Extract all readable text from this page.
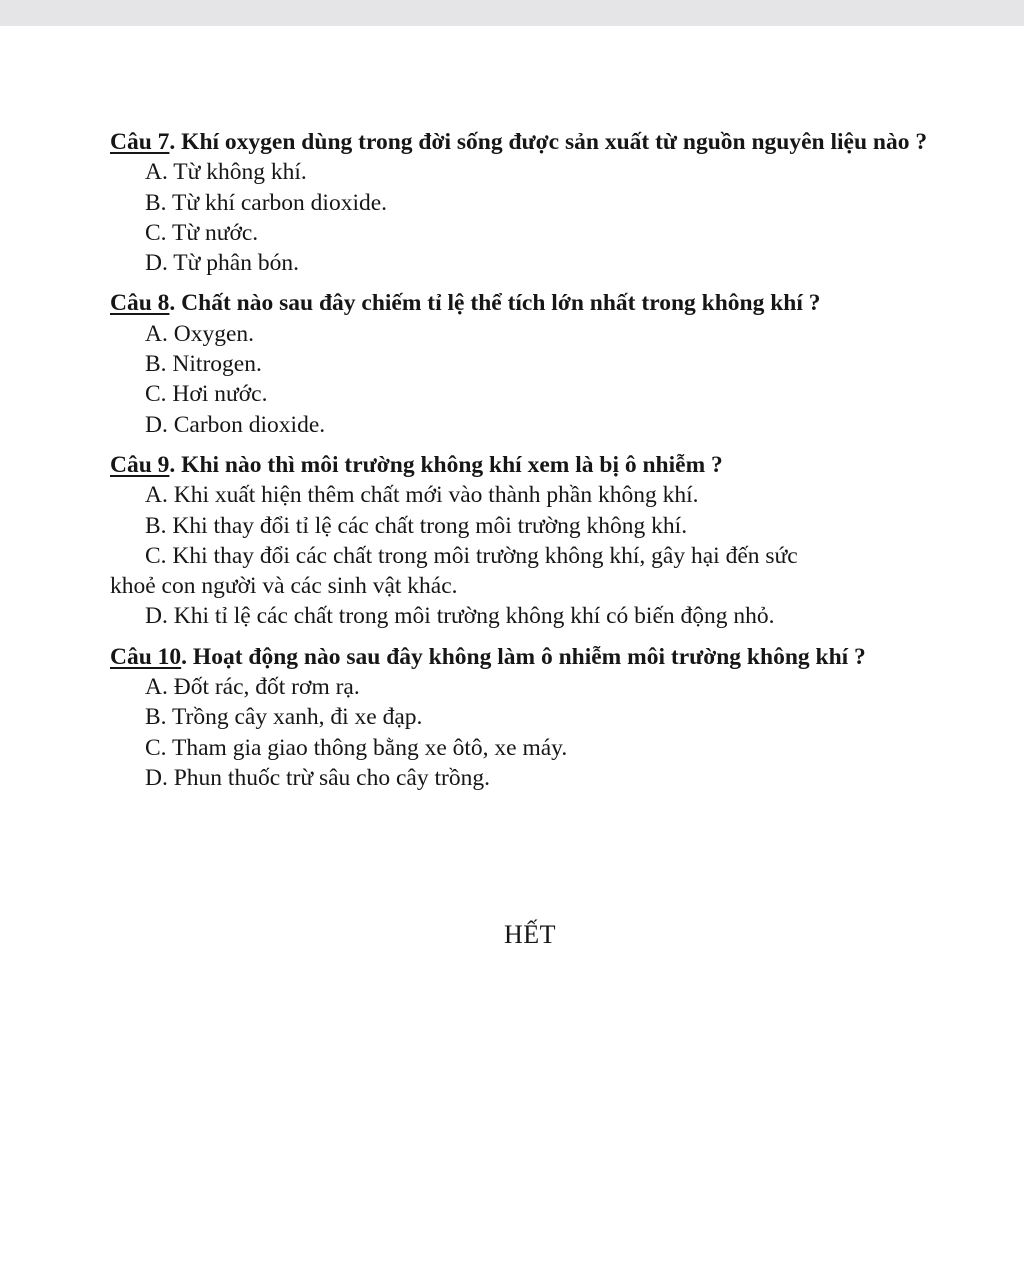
Câu 7. Khí oxygen dùng trong đời sống được sản xuất từ nguồn nguyên liệu nào ?
A. Từ không khí.
B. Từ khí carbon dioxide.
C. Từ nước.
D. Từ phân bón.
Câu 8. Chất nào sau đây chiếm tỉ lệ thể tích lớn nhất trong không khí ?
A. Oxygen.
B. Nitrogen.
C. Hơi nước.
D. Carbon dioxide.
Câu 9. Khi nào thì môi trường không khí xem là bị ô nhiễm ?
A. Khi xuất hiện thêm chất mới vào thành phần không khí.
B. Khi thay đổi tỉ lệ các chất trong môi trường không khí.
C. Khi thay đổi các chất trong môi trường không khí, gây hại đến sức
khoẻ con người và các sinh vật khác.
D. Khi tỉ lệ các chất trong môi trường không khí có biến động nhỏ.
Câu 10. Hoạt động nào sau đây không làm ô nhiễm môi trường không khí ?
A. Đốt rác, đốt rơm rạ.
B. Trồng cây xanh, đi xe đạp.
C. Tham gia giao thông bằng xe ôtô, xe máy.
D. Phun thuốc trừ sâu cho cây trồng.
HẾT
